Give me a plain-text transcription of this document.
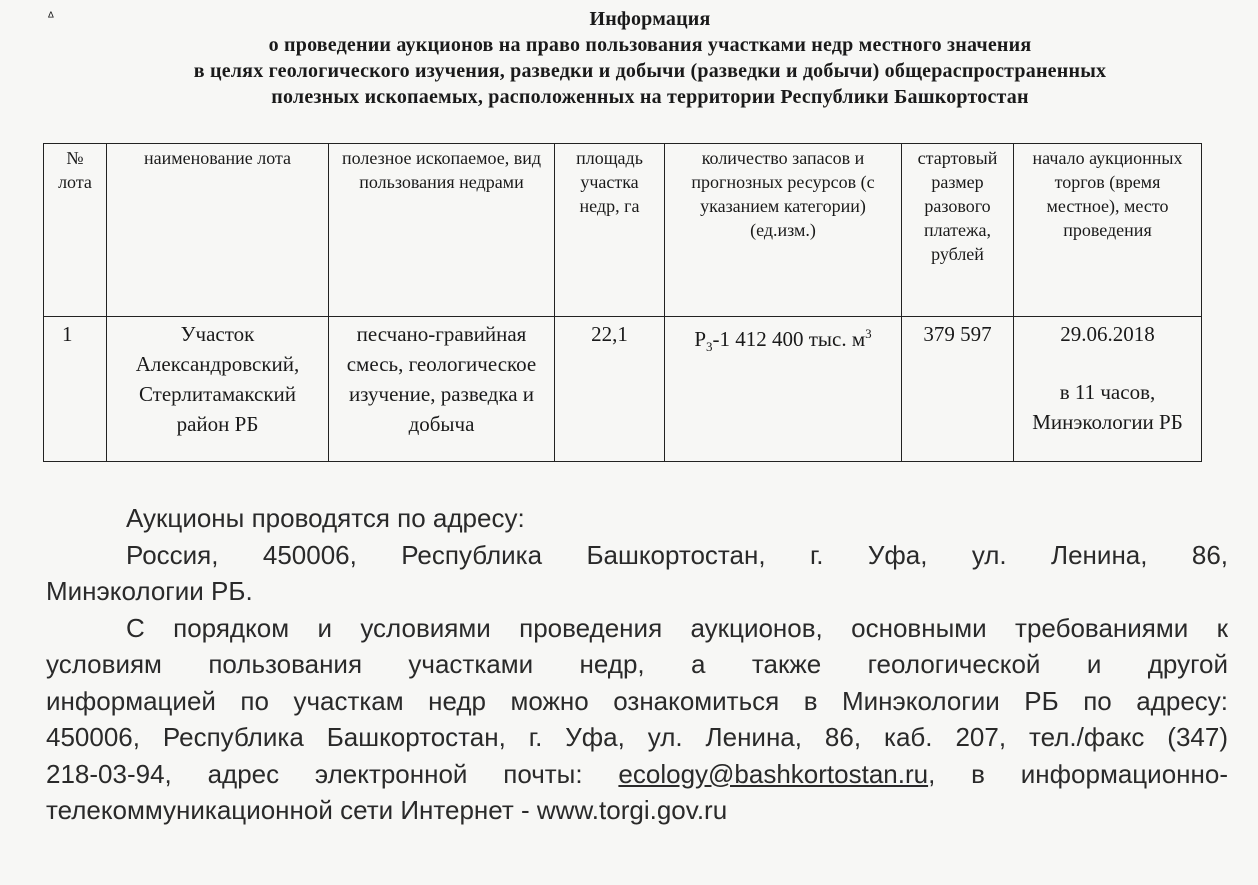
ᐞ	Информация
о проведении аукционов на право пользования участками недр местного значения
в целях геологического изучения, разведки и добычи (разведки и добычи) общераспространенных
полезных ископаемых, расположенных на территории Республики Башкортостан
№ лота	наименование лота	полезное ископаемое, вид пользования недрами	площадь участка недр, га	количество запасов и прогнозных ресурсов (с указанием категории) (ед.изм.)	стартовый размер разового платежа, рублей	начало аукционных торгов (время местное), место проведения
1	Участок Александровский, Стерлитамакский район РБ	песчано-гравийная смесь, геологическое изучение, разведка и добыча	22,1	$P_3-1$ 412 400 тыс. $м^3$	379 597	29.06.2018
в 11 часов, Минэкологии РБ

Аукционы проводятся по адресу:

Россия, 450006, Республика Башкортостан, г. Уфа, ул. Ленина, 86,

Минэкологии РБ.

С порядком и условиями проведения аукционов, основными требованиями к

условиям пользования участками недр, а также геологической и другой

информацией по участкам недр можно ознакомиться в Минэкологии РБ по адресу:

450006, Республика Башкортостан, г. Уфа, ул. Ленина, 86, каб. 207, тел./факс (347)

218-03-94, адрес электронной почты: ecology@bashkortostan.ru, в информационно-

телекоммуникационной сети Интернет - www.torgi.gov.ru
